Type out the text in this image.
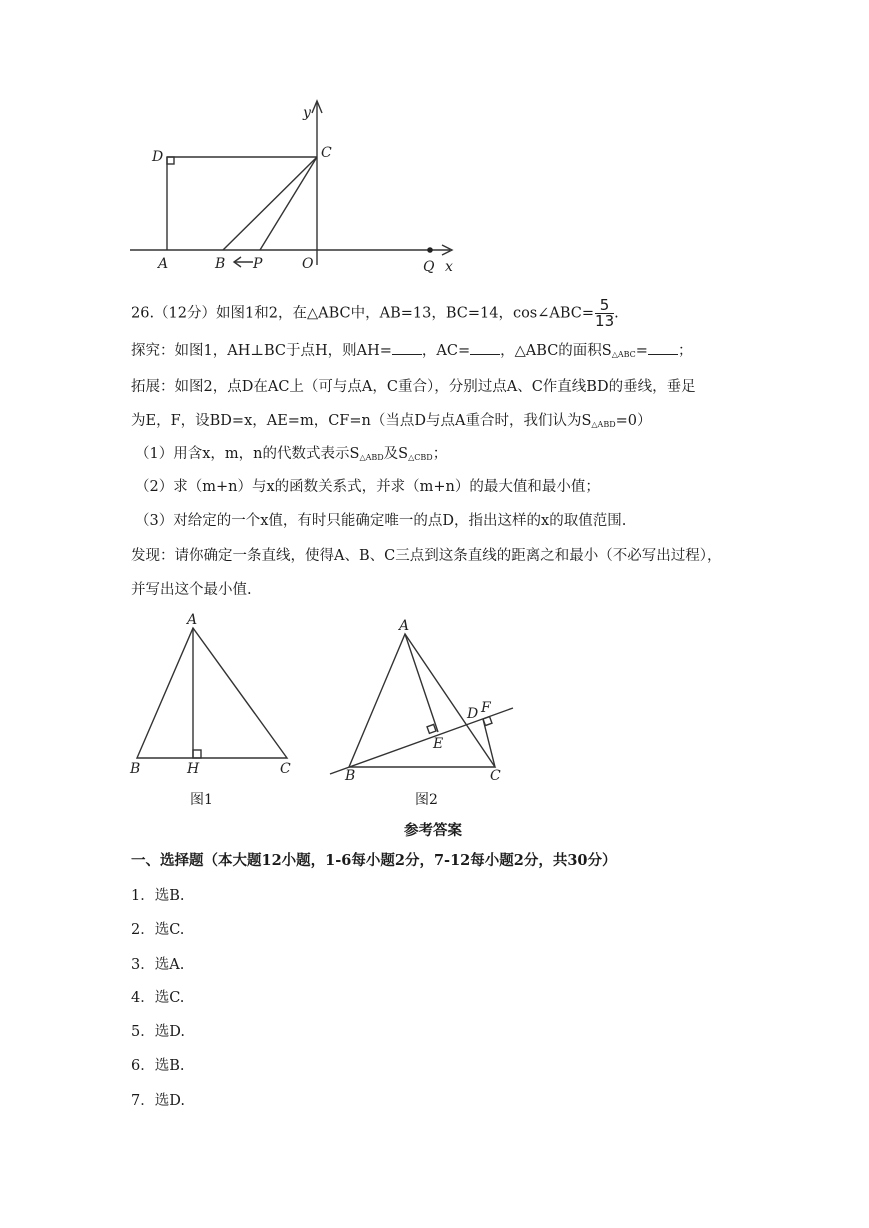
y
C
D
A	B P	O	Q x
26.（12分）如图1和2，在△ABC中，AB=13，BC=14，cos∠ABC= $\frac{5}{13}$ .
探究：如图1，AH⊥BC于点H，则AH= ，AC= ，△ABC的面积$S_{\triangle ABC}=$ ；
拓展：如图2，点D在AC上（可与点A，C重合），分别过点A、C作直线BD的垂线，垂足
为E，F，设BD=x，AE=m，CF=n（当点D与点A重合时，我们认为$S_{\triangle ABD}=0$）
（1）用含x，m，n的代数式表示$S_{\triangle ABD}$及$S_{\triangle CBD}$；
（2）求（m+n）与x的函数关系式，并求（m+n）的最大值和最小值；
（3）对给定的一个x值，有时只能确定唯一的点D，指出这样的x的取值范围.
发现：请你确定一条直线，使得A、B、C三点到这条直线的距离之和最小（不必写出过程），
并写出这个最小值.
A
B	H	C
图1
A
D F
E
B	C
图2
参考答案
一、选择题（本大题12小题，1-6每小题2分，7-12每小题2分，共30分）
1．选B.
2．选C.
3．选A.
4．选C.
5．选D.
6．选B.
7．选D.
